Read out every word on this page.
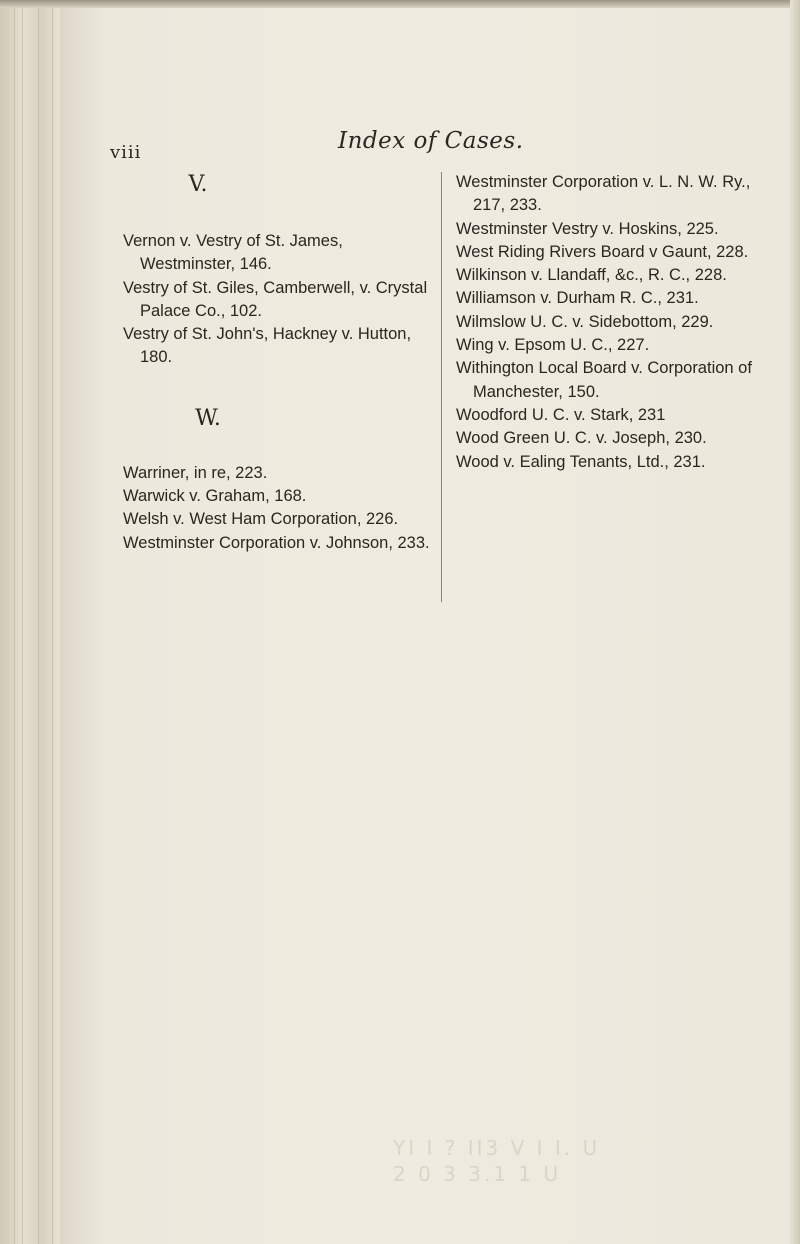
viii	Index of Cases.
V.

Vernon v. Vestry of St. James, Westminster, 146.

Vestry of St. Giles, Camberwell, v. Crystal Palace Co., 102.

Vestry of St. John's, Hackney v. Hutton, 180.

W.

Warriner, in re, 223.

Warwick v. Graham, 168.

Welsh v. West Ham Corporation, 226.

Westminster Corporation v. Johnson, 233.

Westminster Corporation v. L. N. W. Ry., 217, 233.

Westminster Vestry v. Hoskins, 225.

West Riding Rivers Board v Gaunt, 228.

Wilkinson v. Llandaff, &c., R. C., 228.

Williamson v. Durham R. C., 231.

Wilmslow U. C. v. Sidebottom, 229.

Wing v. Epsom U. C., 227.

Withington Local Board v. Corporation of Manchester, 150.

Woodford U. C. v. Stark, 231

Wood Green U. C. v. Joseph, 230.

Wood v. Ealing Tenants, Ltd., 231.

YI I ? II3 V I I. U
2 0 3 3.1 1 U
